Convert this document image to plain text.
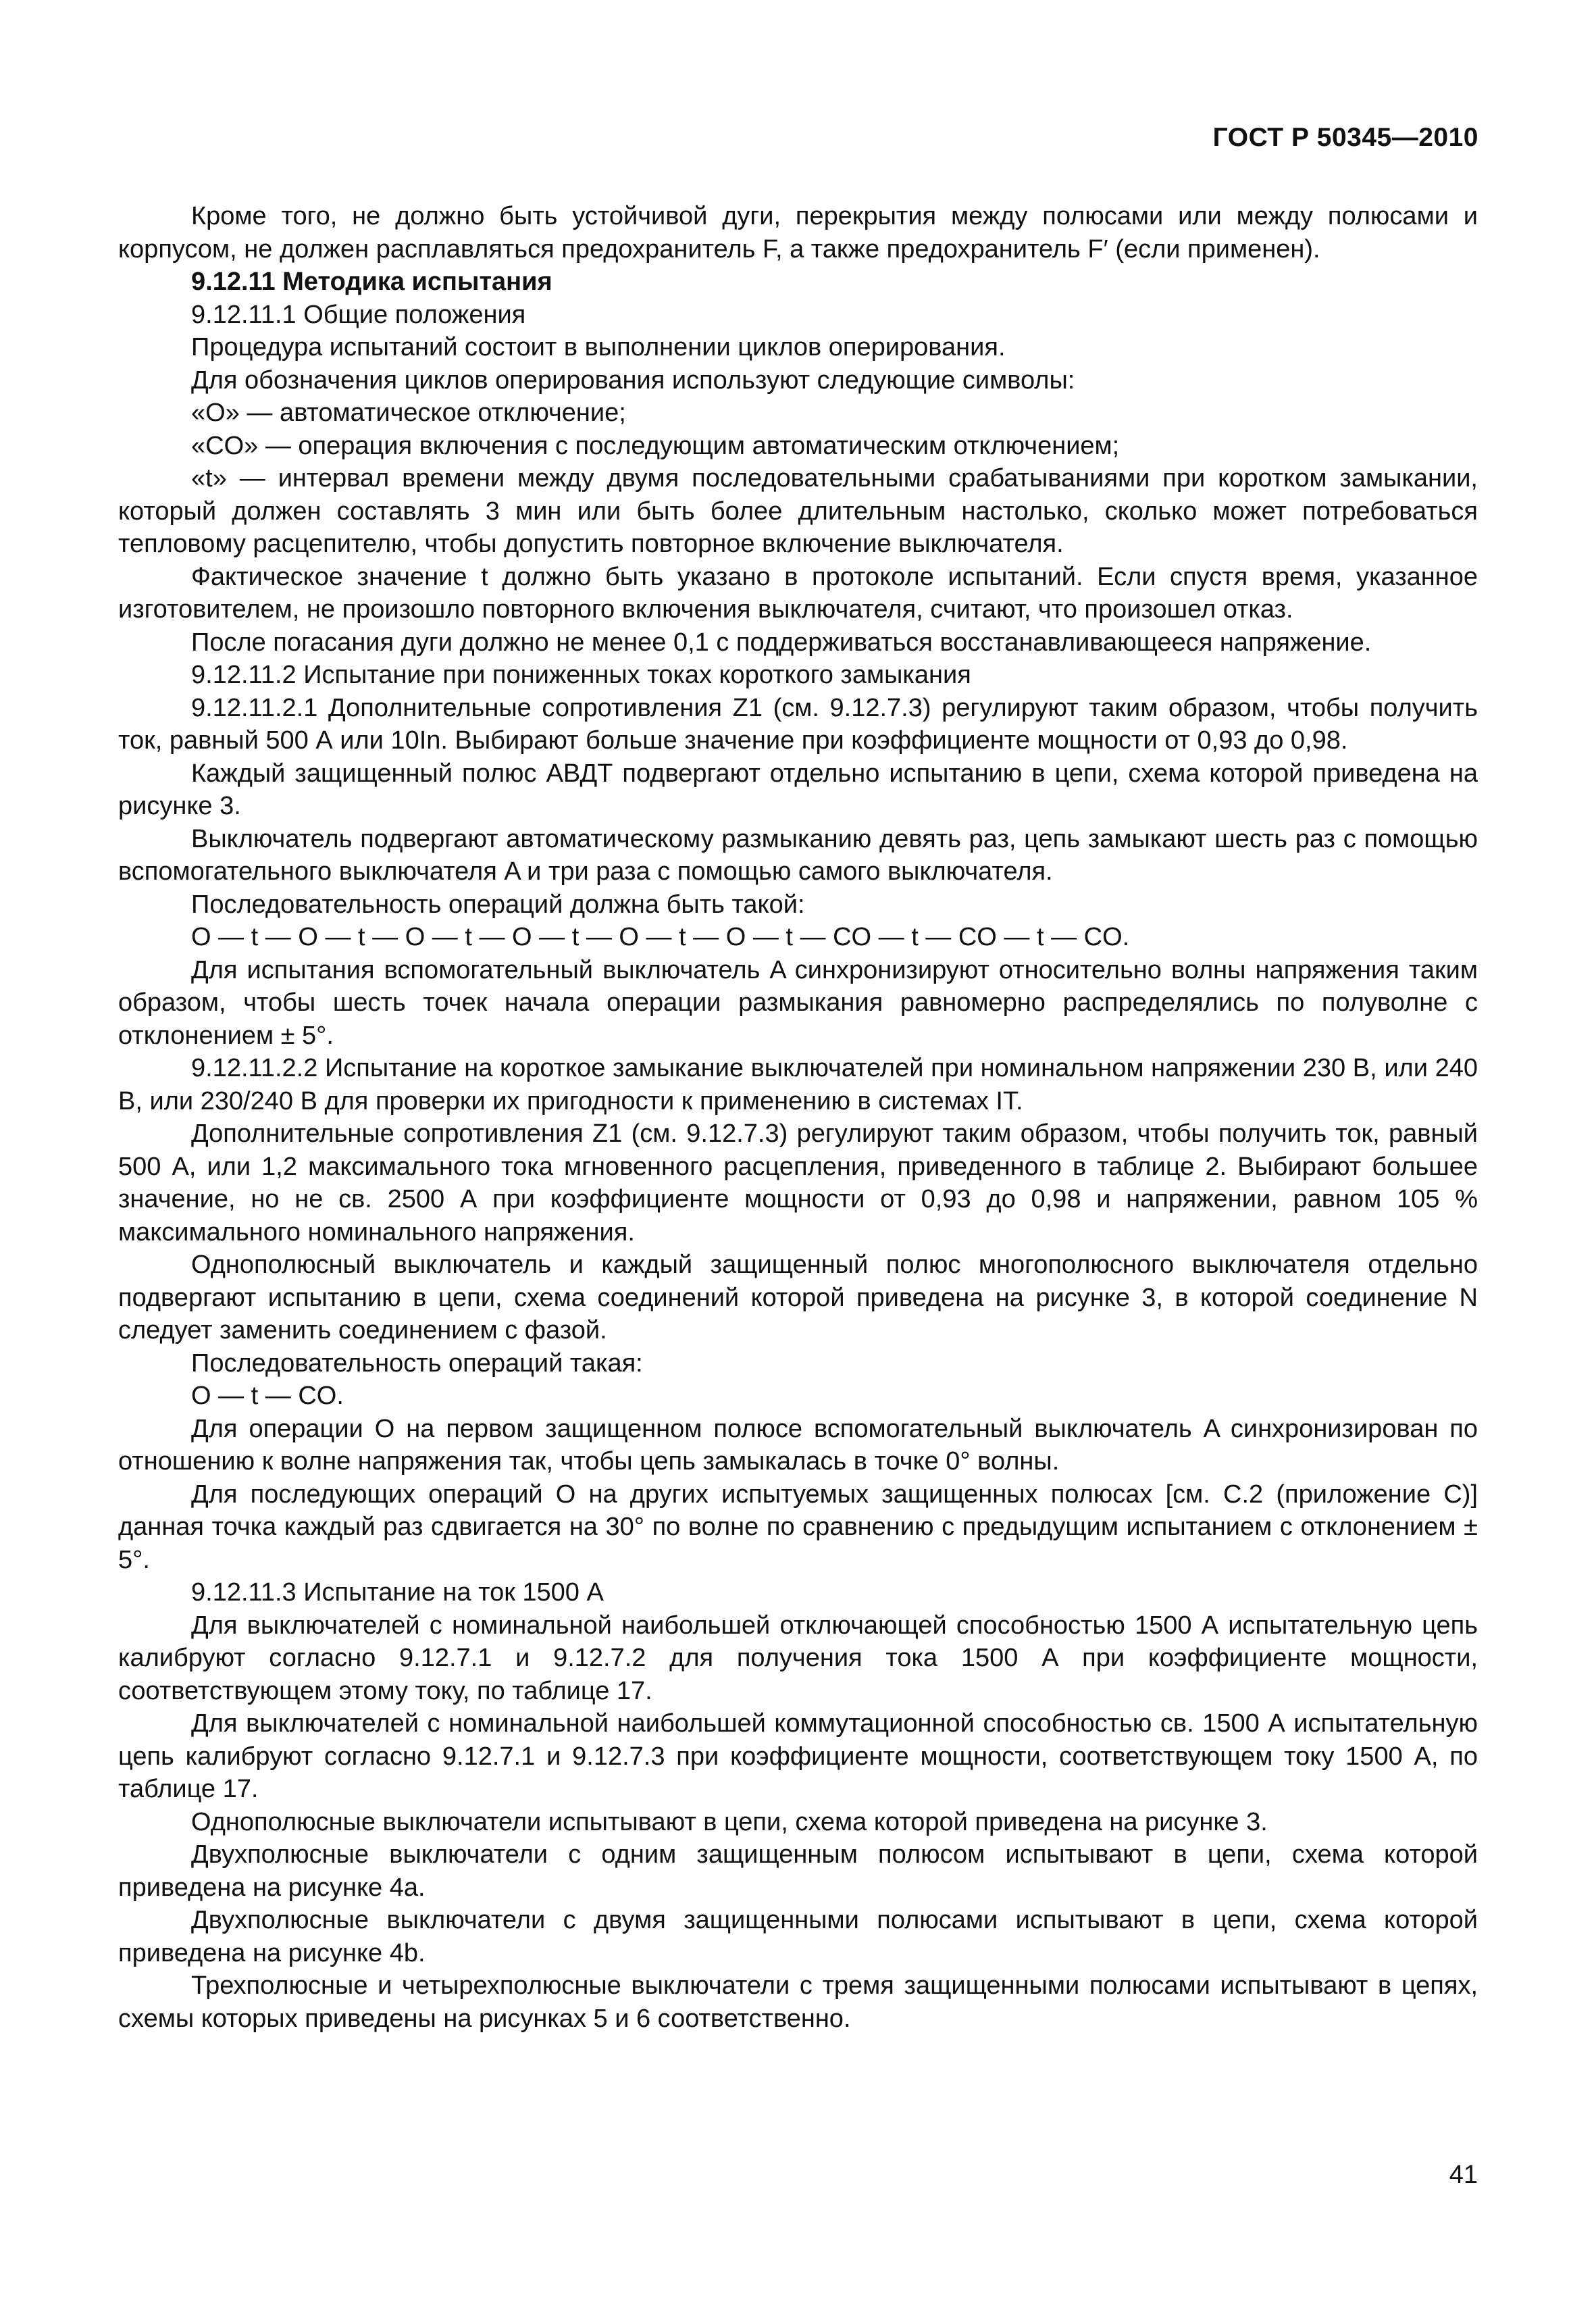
ГОСТ Р 50345—2010

Кроме того, не должно быть устойчивой дуги, перекрытия между полюсами или между полюсами и корпусом, не должен расплавляться предохранитель F, а также предохранитель F′ (если применен).

9.12.11 Методика испытания

9.12.11.1 Общие положения

Процедура испытаний состоит в выполнении циклов оперирования.

Для обозначения циклов оперирования используют следующие символы:

«O» — автоматическое отключение;

«CO» — операция включения с последующим автоматическим отключением;

«t» — интервал времени между двумя последовательными срабатываниями при коротком замыкании, который должен составлять 3 мин или быть более длительным настолько, сколько может потребоваться тепловому расцепителю, чтобы допустить повторное включение выключателя.

Фактическое значение t должно быть указано в протоколе испытаний. Если спустя время, указанное изготовителем, не произошло повторного включения выключателя, считают, что произошел отказ.

После погасания дуги должно не менее 0,1 с поддерживаться восстанавливающееся напряжение.

9.12.11.2 Испытание при пониженных токах короткого замыкания

9.12.11.2.1 Дополнительные сопротивления Z1 (см. 9.12.7.3) регулируют таким образом, чтобы получить ток, равный 500 А или 10In. Выбирают больше значение при коэффициенте мощности от 0,93 до 0,98.

Каждый защищенный полюс АВДТ подвергают отдельно испытанию в цепи, схема которой приведена на рисунке 3.

Выключатель подвергают автоматическому размыканию девять раз, цепь замыкают шесть раз с помощью вспомогательного выключателя A и три раза с помощью самого выключателя.

Последовательность операций должна быть такой:

O — t — O — t — O — t — O — t — O — t — O — t — CO — t — CO — t — CO.

Для испытания вспомогательный выключатель A синхронизируют относительно волны напряжения таким образом, чтобы шесть точек начала операции размыкания равномерно распределялись по полуволне с отклонением ± 5°.

9.12.11.2.2 Испытание на короткое замыкание выключателей при номинальном напряжении 230 В, или 240 В, или 230/240 В для проверки их пригодности к применению в системах IT.

Дополнительные сопротивления Z1 (см. 9.12.7.3) регулируют таким образом, чтобы получить ток, равный 500 А, или 1,2 максимального тока мгновенного расцепления, приведенного в таблице 2. Выбирают большее значение, но не св. 2500 А при коэффициенте мощности от 0,93 до 0,98 и напряжении, равном 105 % максимального номинального напряжения.

Однополюсный выключатель и каждый защищенный полюс многополюсного выключателя отдельно подвергают испытанию в цепи, схема соединений которой приведена на рисунке 3, в которой соединение N следует заменить соединением с фазой.

Последовательность операций такая:

O — t — CO.

Для операции O на первом защищенном полюсе вспомогательный выключатель A синхронизирован по отношению к волне напряжения так, чтобы цепь замыкалась в точке 0° волны.

Для последующих операций O на других испытуемых защищенных полюсах [см. С.2 (приложение С)] данная точка каждый раз сдвигается на 30° по волне по сравнению с предыдущим испытанием с отклонением ± 5°.

9.12.11.3 Испытание на ток 1500 А

Для выключателей с номинальной наибольшей отключающей способностью 1500 А испытательную цепь калибруют согласно 9.12.7.1 и 9.12.7.2 для получения тока 1500 А при коэффициенте мощности, соответствующем этому току, по таблице 17.

Для выключателей с номинальной наибольшей коммутационной способностью св. 1500 А испытательную цепь калибруют согласно 9.12.7.1 и 9.12.7.3 при коэффициенте мощности, соответствующем току 1500 А, по таблице 17.

Однополюсные выключатели испытывают в цепи, схема которой приведена на рисунке 3.

Двухполюсные выключатели с одним защищенным полюсом испытывают в цепи, схема которой приведена на рисунке 4а.

Двухполюсные выключатели с двумя защищенными полюсами испытывают в цепи, схема которой приведена на рисунке 4b.

Трехполюсные и четырехполюсные выключатели с тремя защищенными полюсами испытывают в цепях, схемы которых приведены на рисунках 5 и 6 соответственно.

41
